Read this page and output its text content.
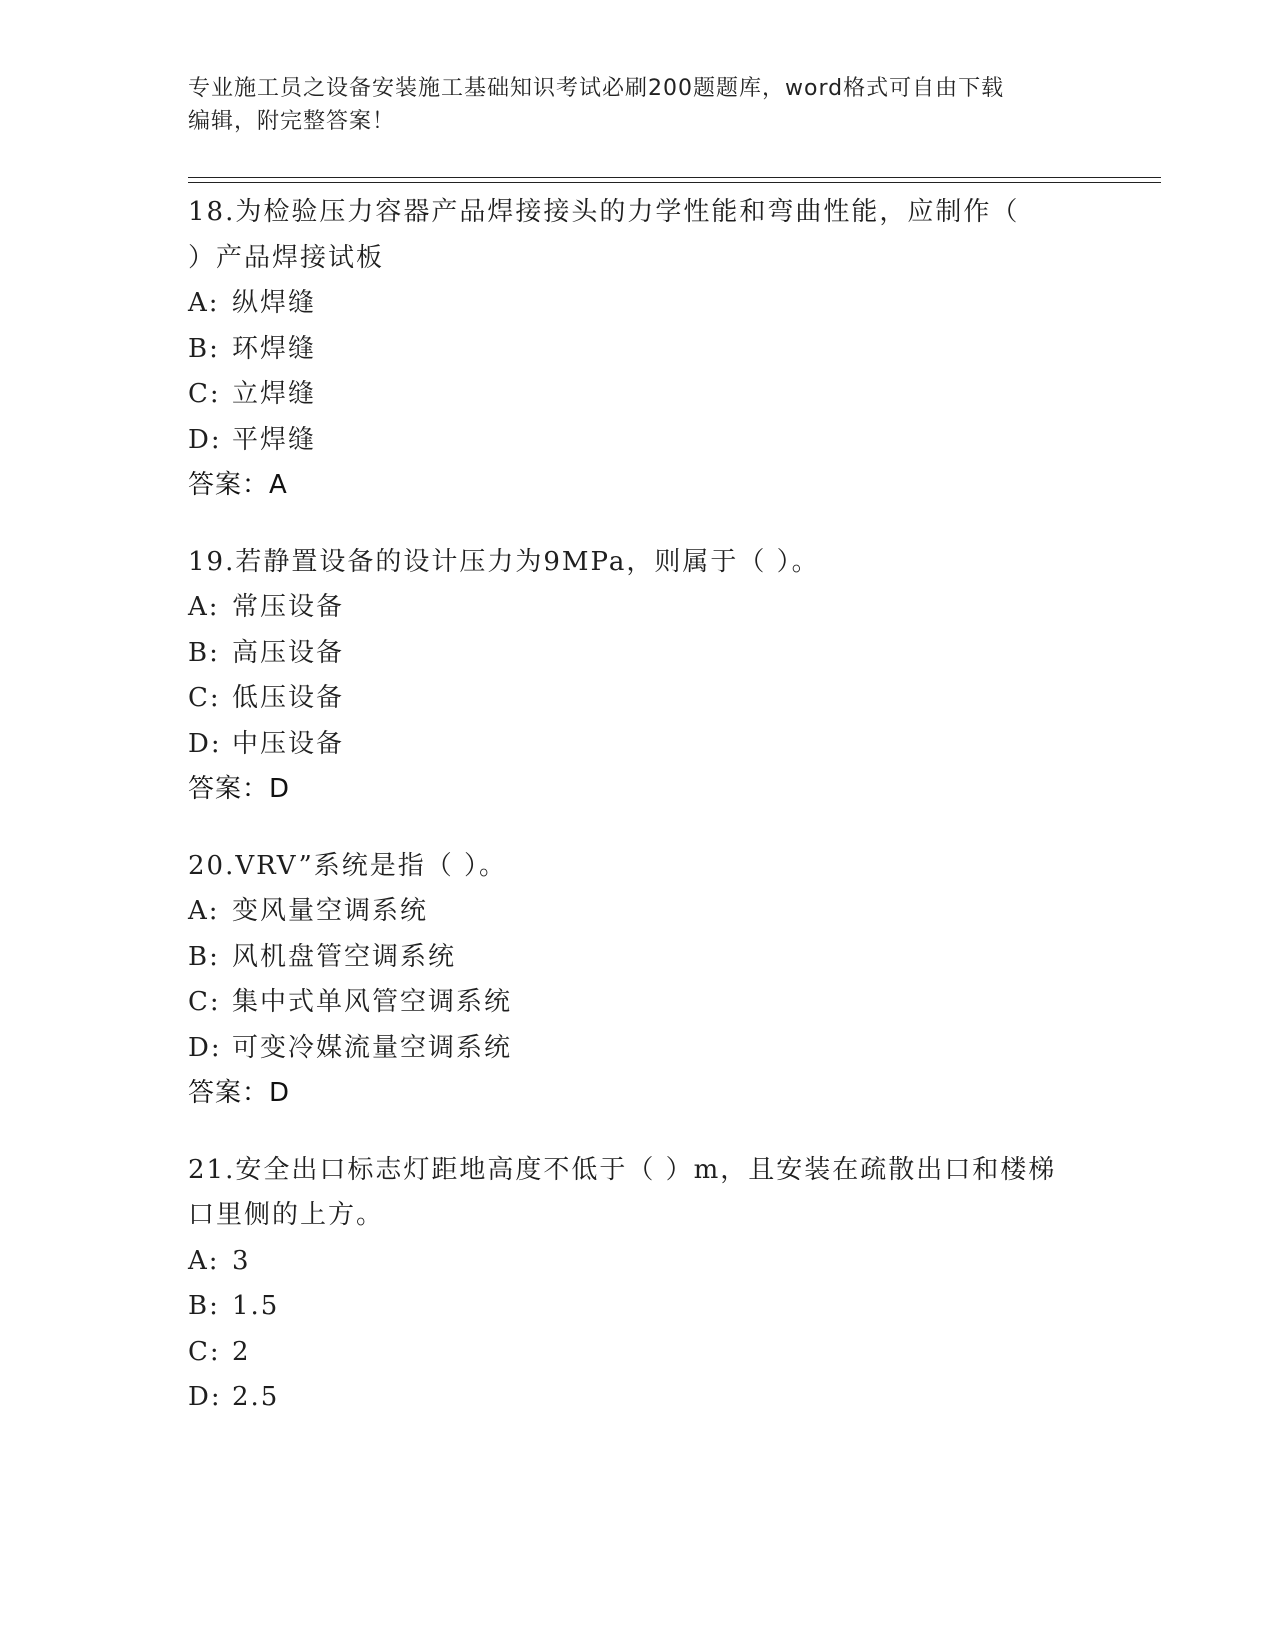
专业施工员之设备安装施工基础知识考试必刷200题题库，word格式可自由下载
编辑，附完整答案！

18.为检验压力容器产品焊接接头的力学性能和弯曲性能，应制作（

）产品焊接试板

A: 纵焊缝
B: 环焊缝
C: 立焊缝
D: 平焊缝

答案：A

19.若静置设备的设计压力为9MPa，则属于（ ）。

A: 常压设备
B: 高压设备
C: 低压设备
D: 中压设备

答案：D

20.VRV”系统是指（ ）。

A: 变风量空调系统
B: 风机盘管空调系统
C: 集中式单风管空调系统
D: 可变冷媒流量空调系统

答案：D

21.安全出口标志灯距地高度不低于（ ）m，且安装在疏散出口和楼梯

口里侧的上方。

A: 3
B: 1.5
C: 2
D: 2.5
